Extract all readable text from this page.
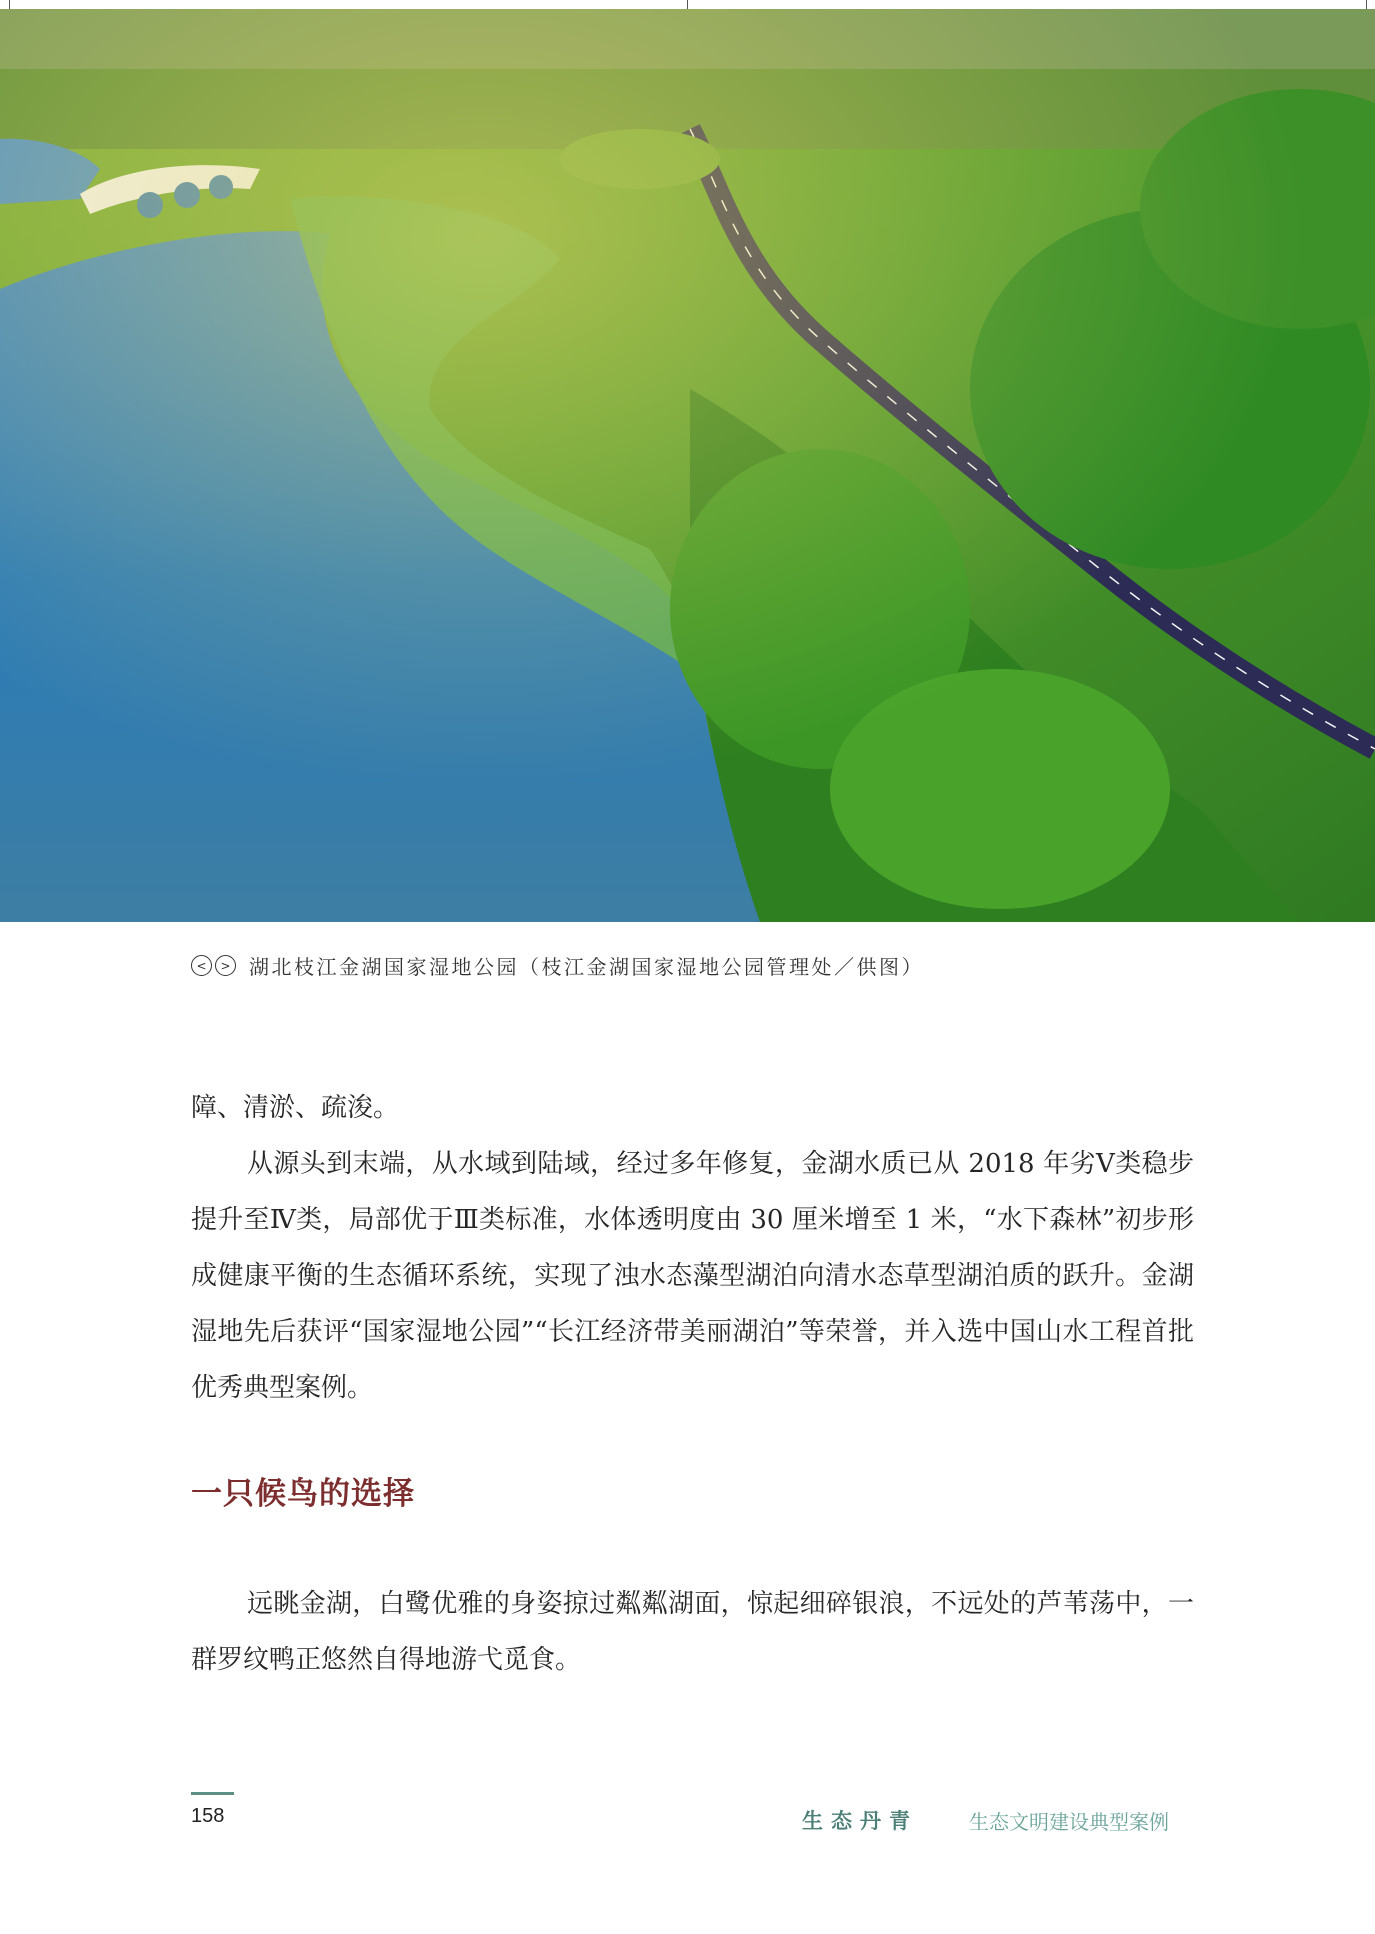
<	> 湖北枝江金湖国家湿地公园（枝江金湖国家湿地公园管理处／供图）

障、清淤、疏浚。

从源头到末端，从水域到陆域，经过多年修复，金湖水质已从 2018 年劣Ⅴ类稳步提升至Ⅳ类，局部优于Ⅲ类标准，水体透明度由 30 厘米增至 1 米，“水下森林”初步形成健康平衡的生态循环系统，实现了浊水态藻型湖泊向清水态草型湖泊质的跃升。金湖湿地先后获评“国家湿地公园”“长江经济带美丽湖泊”等荣誉，并入选中国山水工程首批优秀典型案例。

一只候鸟的选择

远眺金湖，白鹭优雅的身姿掠过粼粼湖面，惊起细碎银浪，不远处的芦苇荡中，一群罗纹鸭正悠然自得地游弋觅食。

158	生态丹青	生态文明建设典型案例
